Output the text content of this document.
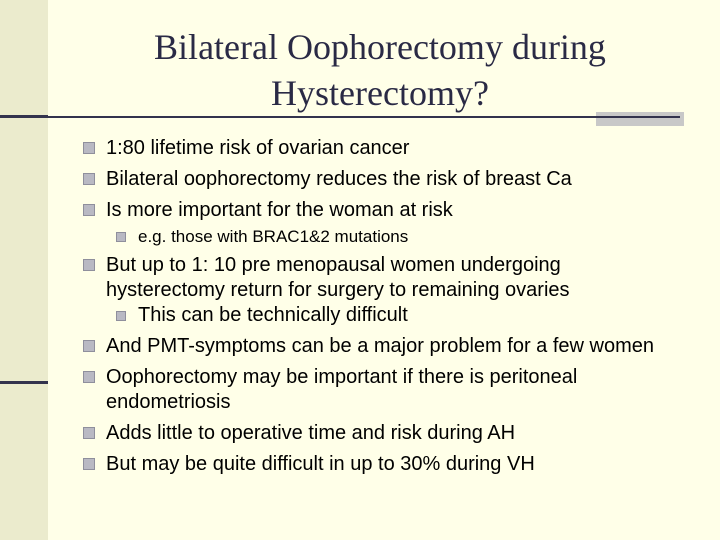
Bilateral Oophorectomy during Hysterectomy?
1:80 lifetime risk of ovarian cancer
Bilateral oophorectomy reduces the risk of breast Ca
Is more important for the woman at risk
e.g. those with BRAC1&2 mutations
But up to 1: 10 pre menopausal women undergoing hysterectomy return for surgery to remaining ovaries
This can be technically difficult
And PMT-symptoms can be a major problem for a few women
Oophorectomy may be important if there is peritoneal endometriosis
Adds little to operative time and risk during AH
But may be quite difficult in up to 30% during VH
